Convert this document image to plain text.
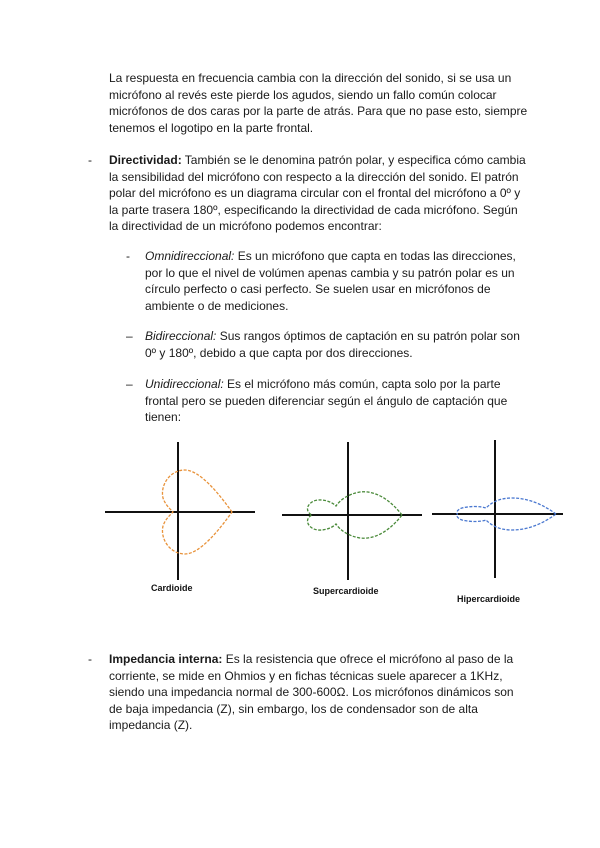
La respuesta en frecuencia cambia con la dirección del sonido, si se usa un micrófono al revés este pierde los agudos, siendo un fallo común colocar micrófonos de dos caras por la parte de atrás. Para que no pase esto, siempre tenemos el logotipo en la parte frontal.
- Directividad: También se le denomina patrón polar, y especifica cómo cambia la sensibilidad del micrófono con respecto a la dirección del sonido. El patrón polar del micrófono es un diagrama circular con el frontal del micrófono a 0º y la parte trasera 180º, especificando la directividad de cada micrófono. Según la directividad de un micrófono podemos encontrar:
- Omnidireccional: Es un micrófono que capta en todas las direcciones, por lo que el nivel de volúmen apenas cambia y su patrón polar es un círculo perfecto o casi perfecto. Se suelen usar en micrófonos de ambiente o de mediciones.
– Bidireccional: Sus rangos óptimos de captación en su patrón polar son 0º y 180º, debido a que capta por dos direcciones.
– Unidireccional: Es el micrófono más común, capta solo por la parte frontal pero se pueden diferenciar según el ángulo de captación que tienen:
Cardioide	Supercardioide
Hipercardioide
- Impedancia interna: Es la resistencia que ofrece el micrófono al paso de la corriente, se mide en Ohmios y en fichas técnicas suele aparecer a 1KHz, siendo una impedancia normal de 300-600Ω. Los micrófonos dinámicos son de baja impedancia (Z), sin embargo, los de condensador son de alta impedancia (Z).
